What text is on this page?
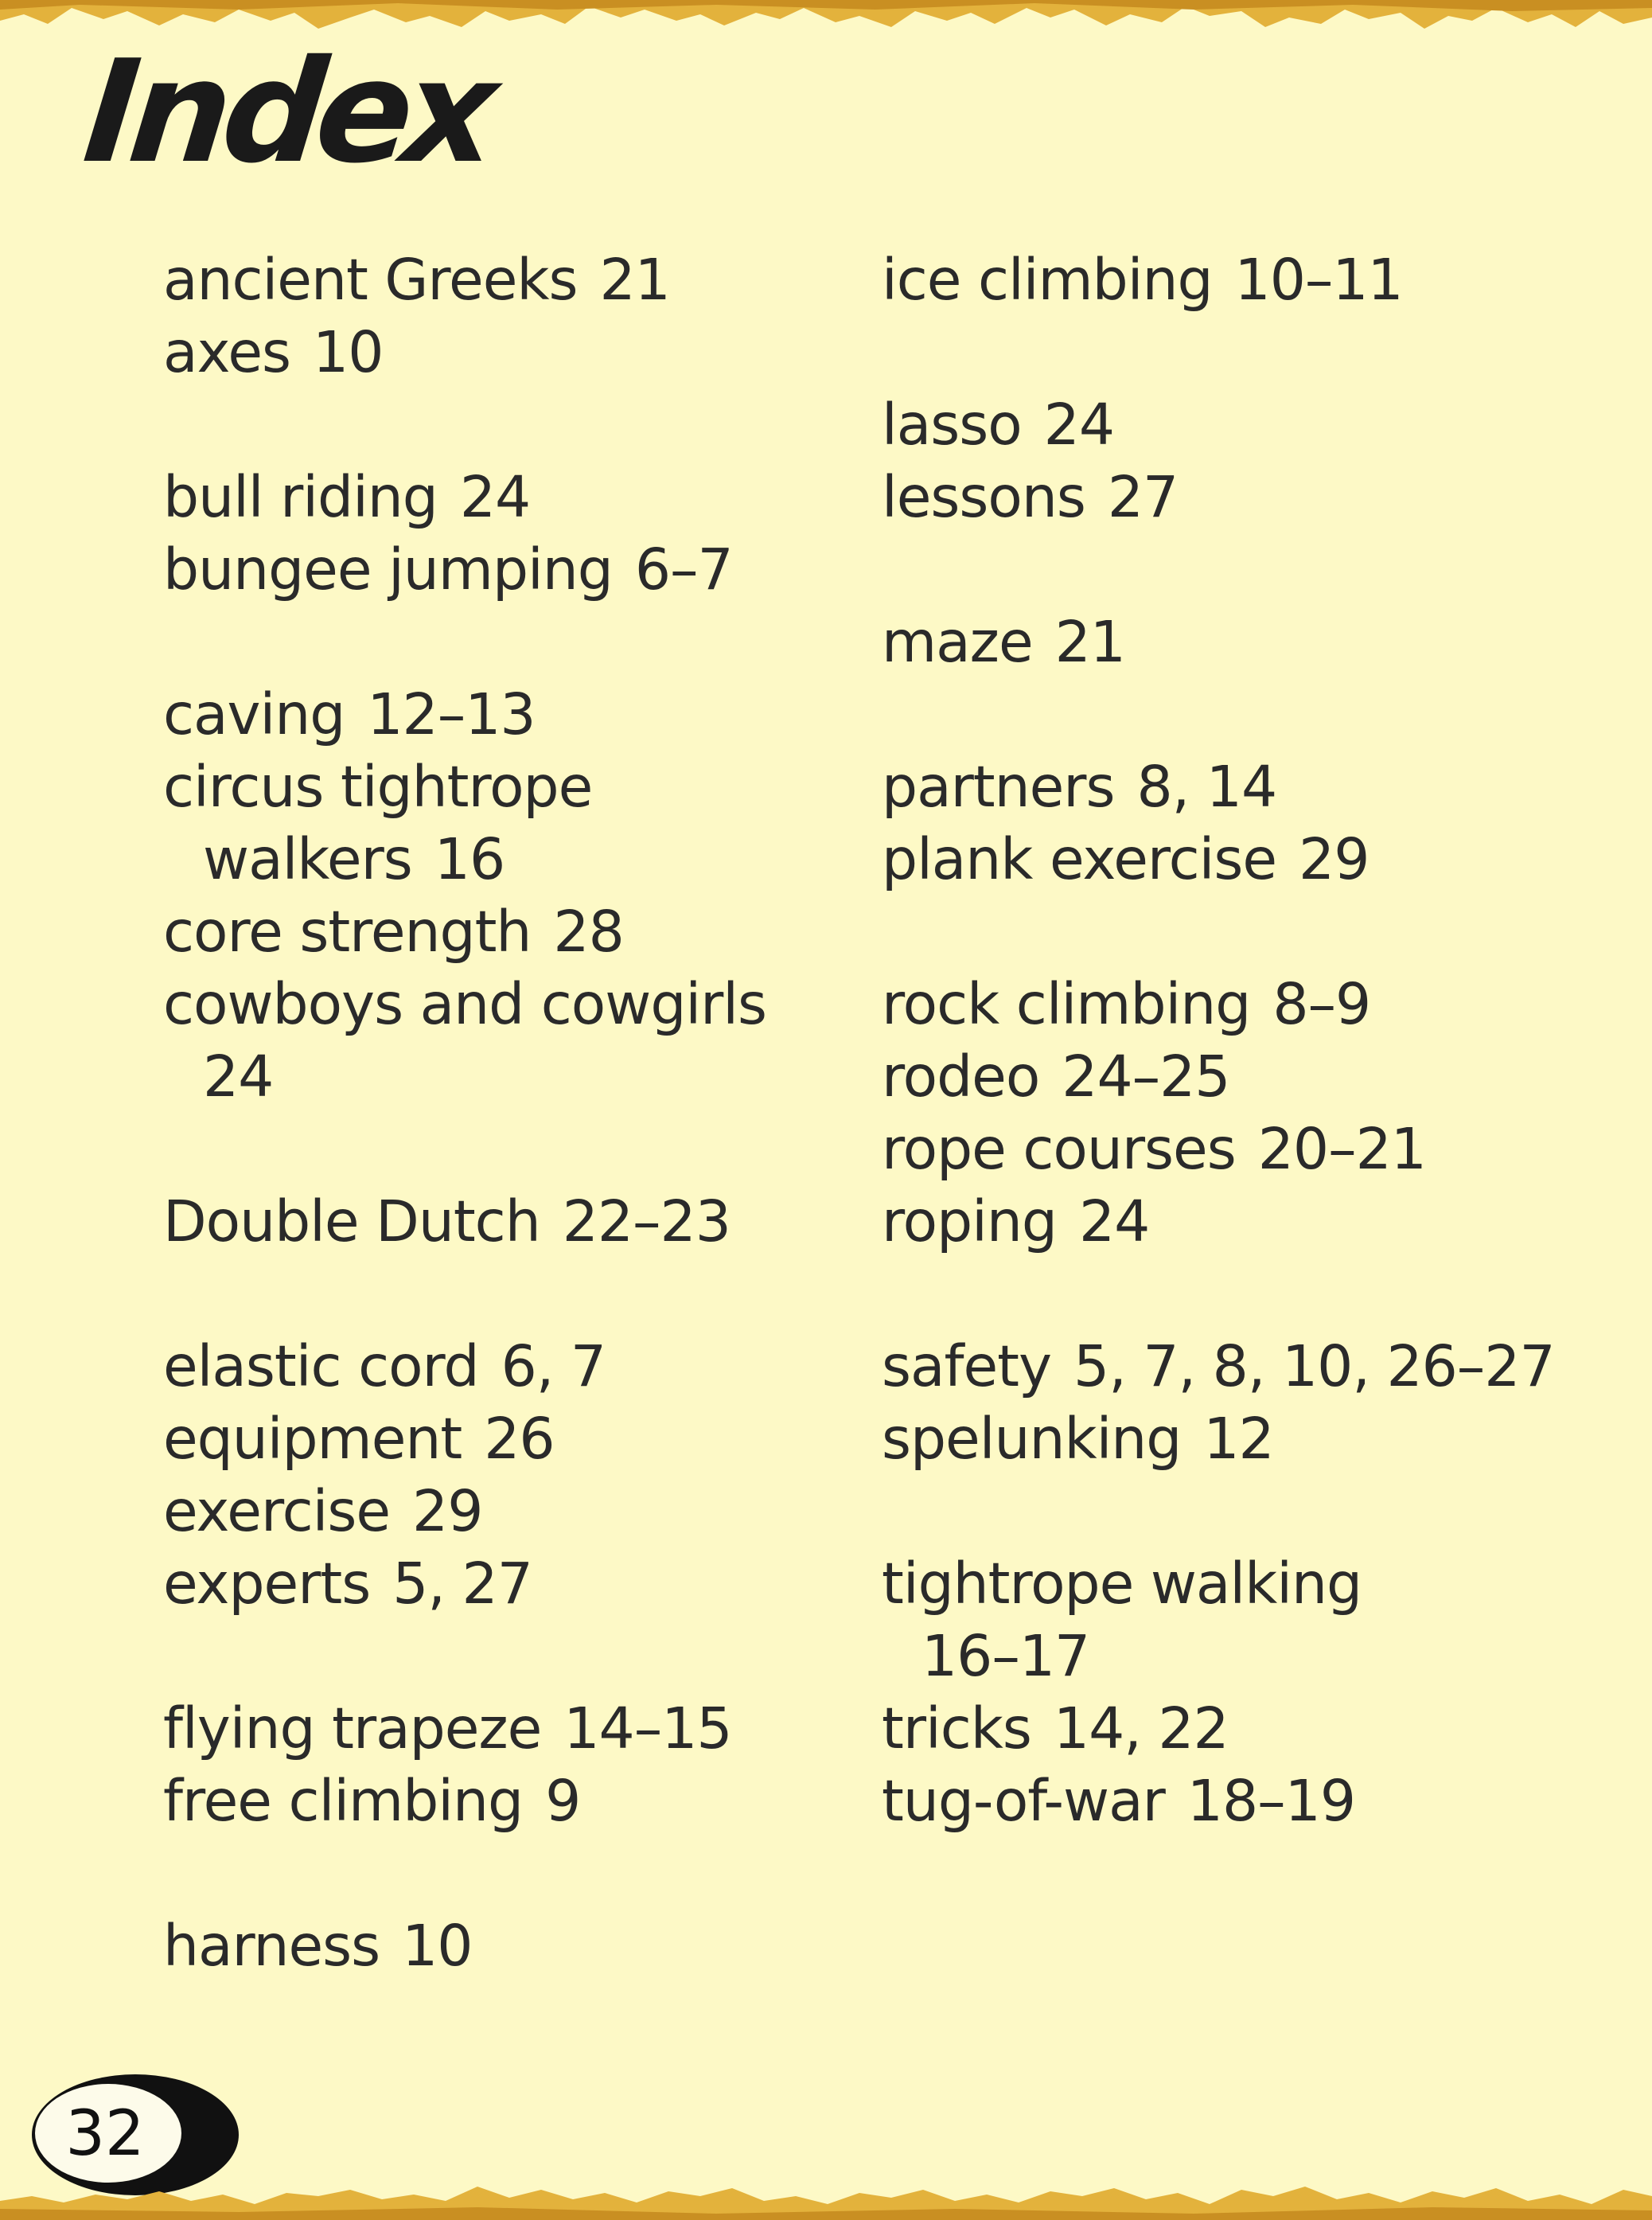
Index
ancient Greeks 21
axes 10
bull riding 24
bungee jumping 6–7
caving 12–13
circus tightrope
walkers 16
core strength 28
cowboys and cowgirls
24
Double Dutch 22–23
elastic cord 6, 7
equipment 26
exercise 29
experts 5, 27
flying trapeze 14–15
free climbing 9
harness 10
ice climbing 10–11
lasso 24
lessons 27
maze 21
partners 8, 14
plank exercise 29
rock climbing 8–9
rodeo 24–25
rope courses 20–21
roping 24
safety 5, 7, 8, 10, 26–27
spelunking 12
tightrope walking
16–17
tricks 14, 22
tug-of-war 18–19
32
